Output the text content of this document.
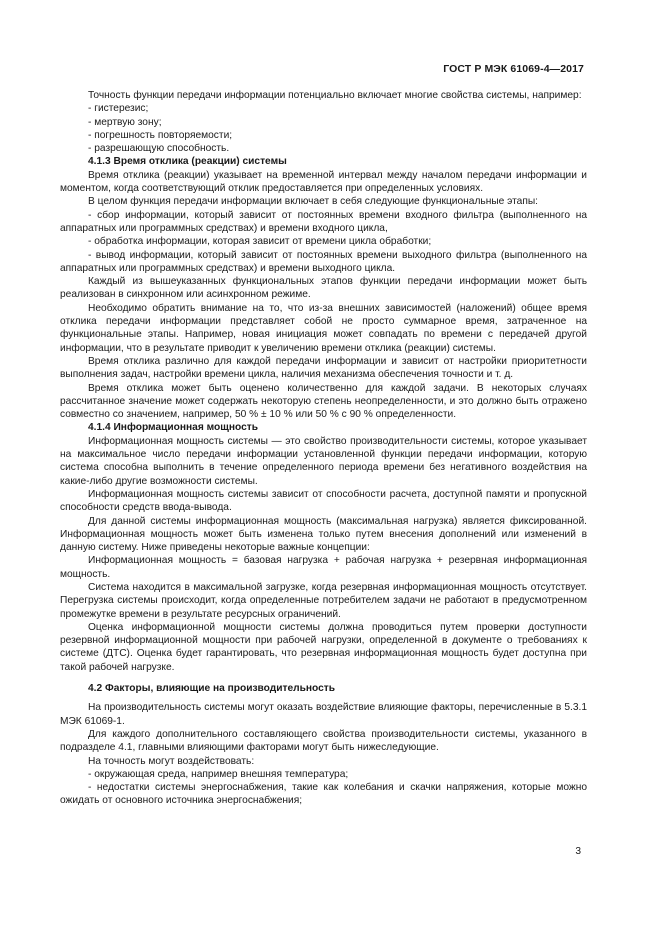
ГОСТ Р МЭК 61069-4—2017

Точность функции передачи информации потенциально включает многие свойства системы, например:

- гистерезис;

- мертвую зону;

- погрешность повторяемости;

- разрешающую способность.

4.1.3 Время отклика (реакции) системы

Время отклика (реакции) указывает на временной интервал между началом передачи информации и моментом, когда соответствующий отклик предоставляется при определенных условиях.

В целом функция передачи информации включает в себя следующие функциональные этапы:

- сбор информации, который зависит от постоянных времени входного фильтра (выполненного на аппаратных или программных средствах) и времени входного цикла,

- обработка информации, которая зависит от времени цикла обработки;

- вывод информации, который зависит от постоянных времени выходного фильтра (выполненного на аппаратных или программных средствах) и времени выходного цикла.

Каждый из вышеуказанных функциональных этапов функции передачи информации может быть реализован в синхронном или асинхронном режиме.

Необходимо обратить внимание на то, что из-за внешних зависимостей (наложений) общее время отклика передачи информации представляет собой не просто суммарное время, затраченное на функциональные этапы. Например, новая инициация может совпадать по времени с передачей другой информации, что в результате приводит к увеличению времени отклика (реакции) системы.

Время отклика различно для каждой передачи информации и зависит от настройки приоритетности выполнения задач, настройки времени цикла, наличия механизма обеспечения точности и т. д.

Время отклика может быть оценено количественно для каждой задачи. В некоторых случаях рассчитанное значение может содержать некоторую степень неопределенности, и это должно быть отражено совместно со значением, например, 50 % ± 10 % или 50 % с 90 % определенности.

4.1.4 Информационная мощность

Информационная мощность системы — это свойство производительности системы, которое указывает на максимальное число передачи информации установленной функции передачи информации, которую система способна выполнить в течение определенного периода времени без негативного воздействия на какие-либо другие возможности системы.

Информационная мощность системы зависит от способности расчета, доступной памяти и пропускной способности средств ввода-вывода.

Для данной системы информационная мощность (максимальная нагрузка) является фиксированной. Информационная мощность может быть изменена только путем внесения дополнений или изменений в данную систему. Ниже приведены некоторые важные концепции:

Информационная мощность = базовая нагрузка + рабочая нагрузка + резервная информационная мощность.

Система находится в максимальной загрузке, когда резервная информационная мощность отсутствует. Перегрузка системы происходит, когда определенные потребителем задачи не работают в предусмотренном промежутке времени в результате ресурсных ограничений.

Оценка информационной мощности системы должна проводиться путем проверки доступности резервной информационной мощности при рабочей нагрузки, определенной в документе о требованиях к системе (ДТС). Оценка будет гарантировать, что резервная информационная мощность будет доступна при такой рабочей нагрузке.

4.2 Факторы, влияющие на производительность

На производительность системы могут оказать воздействие влияющие факторы, перечисленные в 5.3.1 МЭК 61069-1.

Для каждого дополнительного составляющего свойства производительности системы, указанного в подразделе 4.1, главными влияющими факторами могут быть нижеследующие.

На точность могут воздействовать:

- окружающая среда, например внешняя температура;

- недостатки системы энергоснабжения, такие как колебания и скачки напряжения, которые можно ожидать от основного источника энергоснабжения;

3
